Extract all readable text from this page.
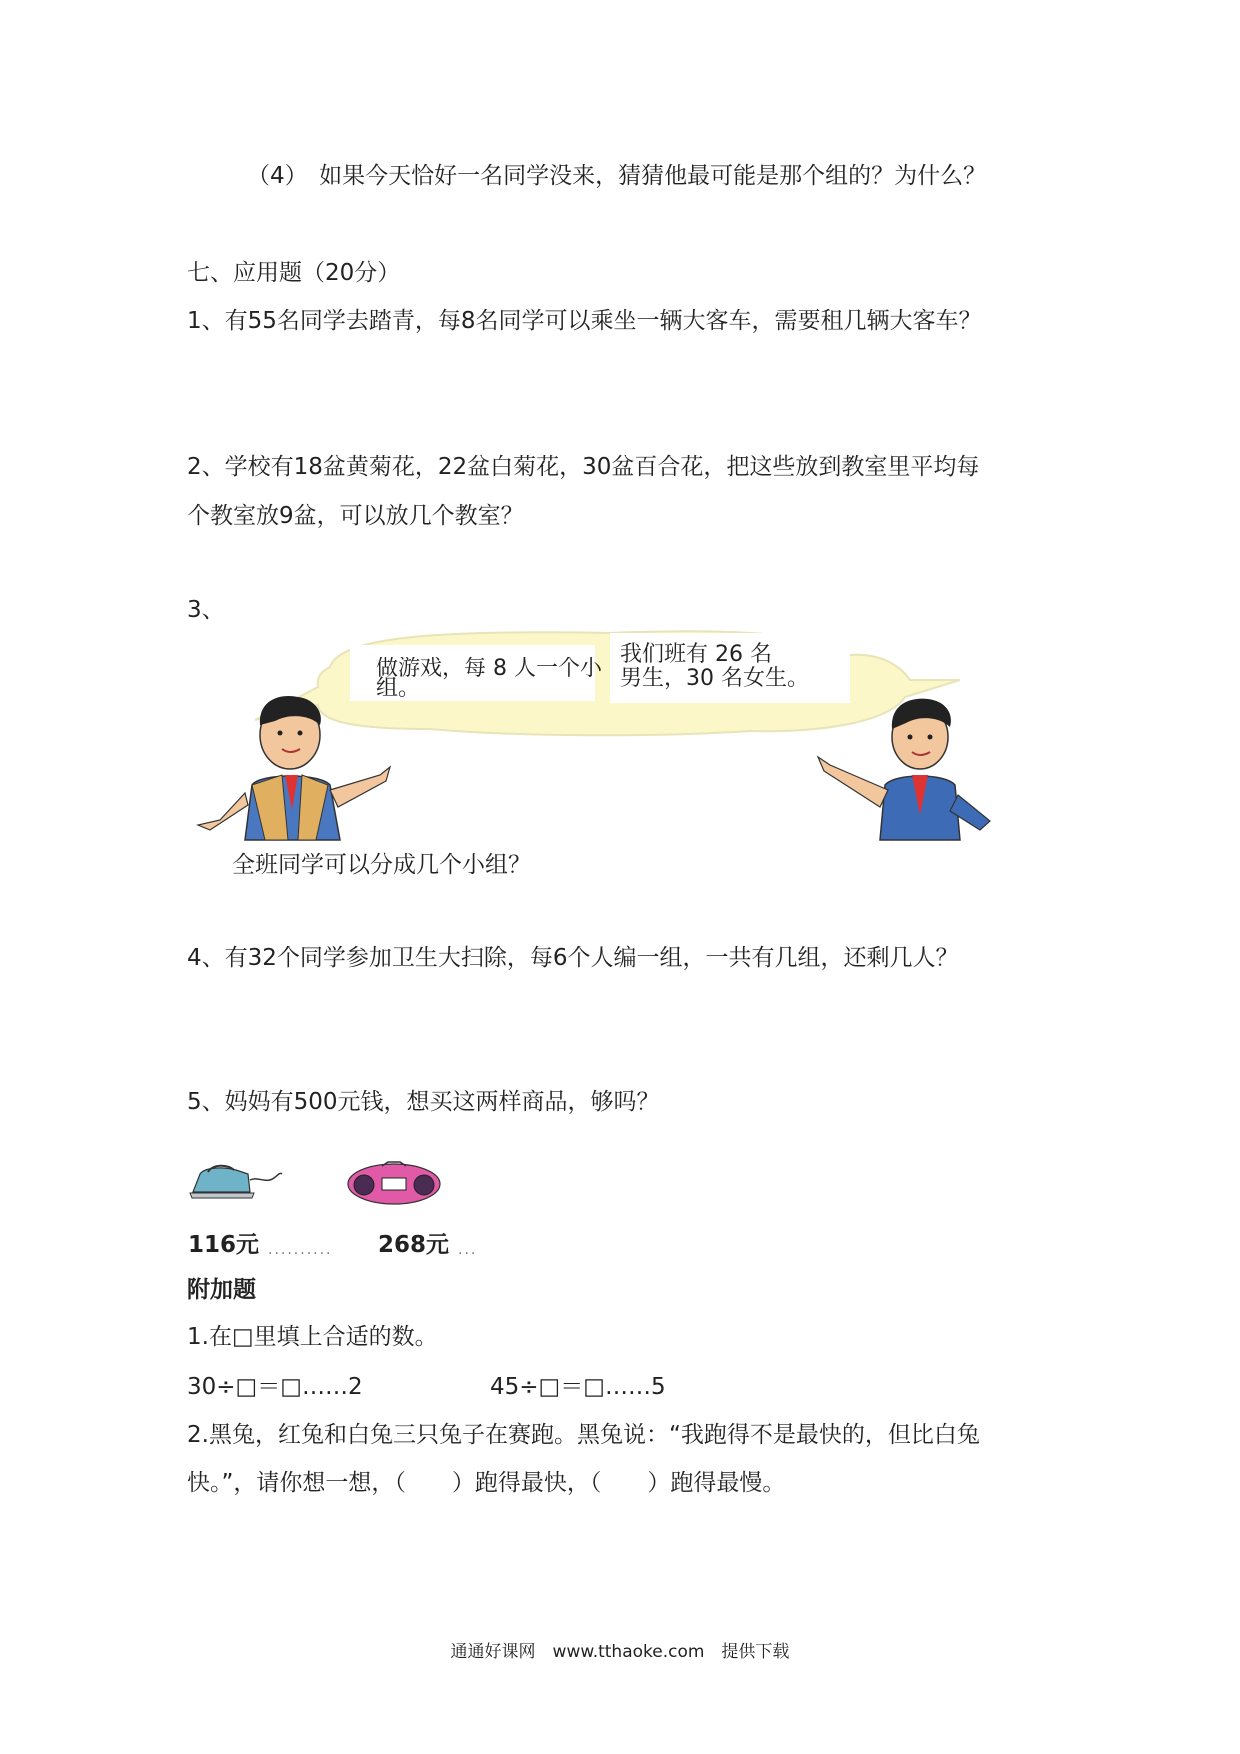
（4）　如果今天恰好一名同学没来，猜猜他最可能是那个组的？为什么？
七、应用题（20分）
1、有55名同学去踏青，每8名同学可以乘坐一辆大客车，需要租几辆大客车？
2、学校有18盆黄菊花，22盆白菊花，30盆百合花，把这些放到教室里平均每
个教室放9盆，可以放几个教室？
3、
做游戏，每 8 人一个小
组。
我们班有 26 名
男生，30 名女生。
全班同学可以分成几个小组？
4、有32个同学参加卫生大扫除，每6个人编一组，一共有几组，还剩几人？
5、妈妈有500元钱，想买这两样商品，够吗？
116元 .......... 268元 ...
附加题
1.在□里填上合适的数。
30÷□＝□……2	45÷□＝□……5
2.黑兔，红兔和白兔三只兔子在赛跑。黑兔说：“我跑得不是最快的，但比白兔
快。”，请你想一想，（　　）跑得最快，（　　）跑得最慢。
通通好课网　www.tthaoke.com　提供下载
